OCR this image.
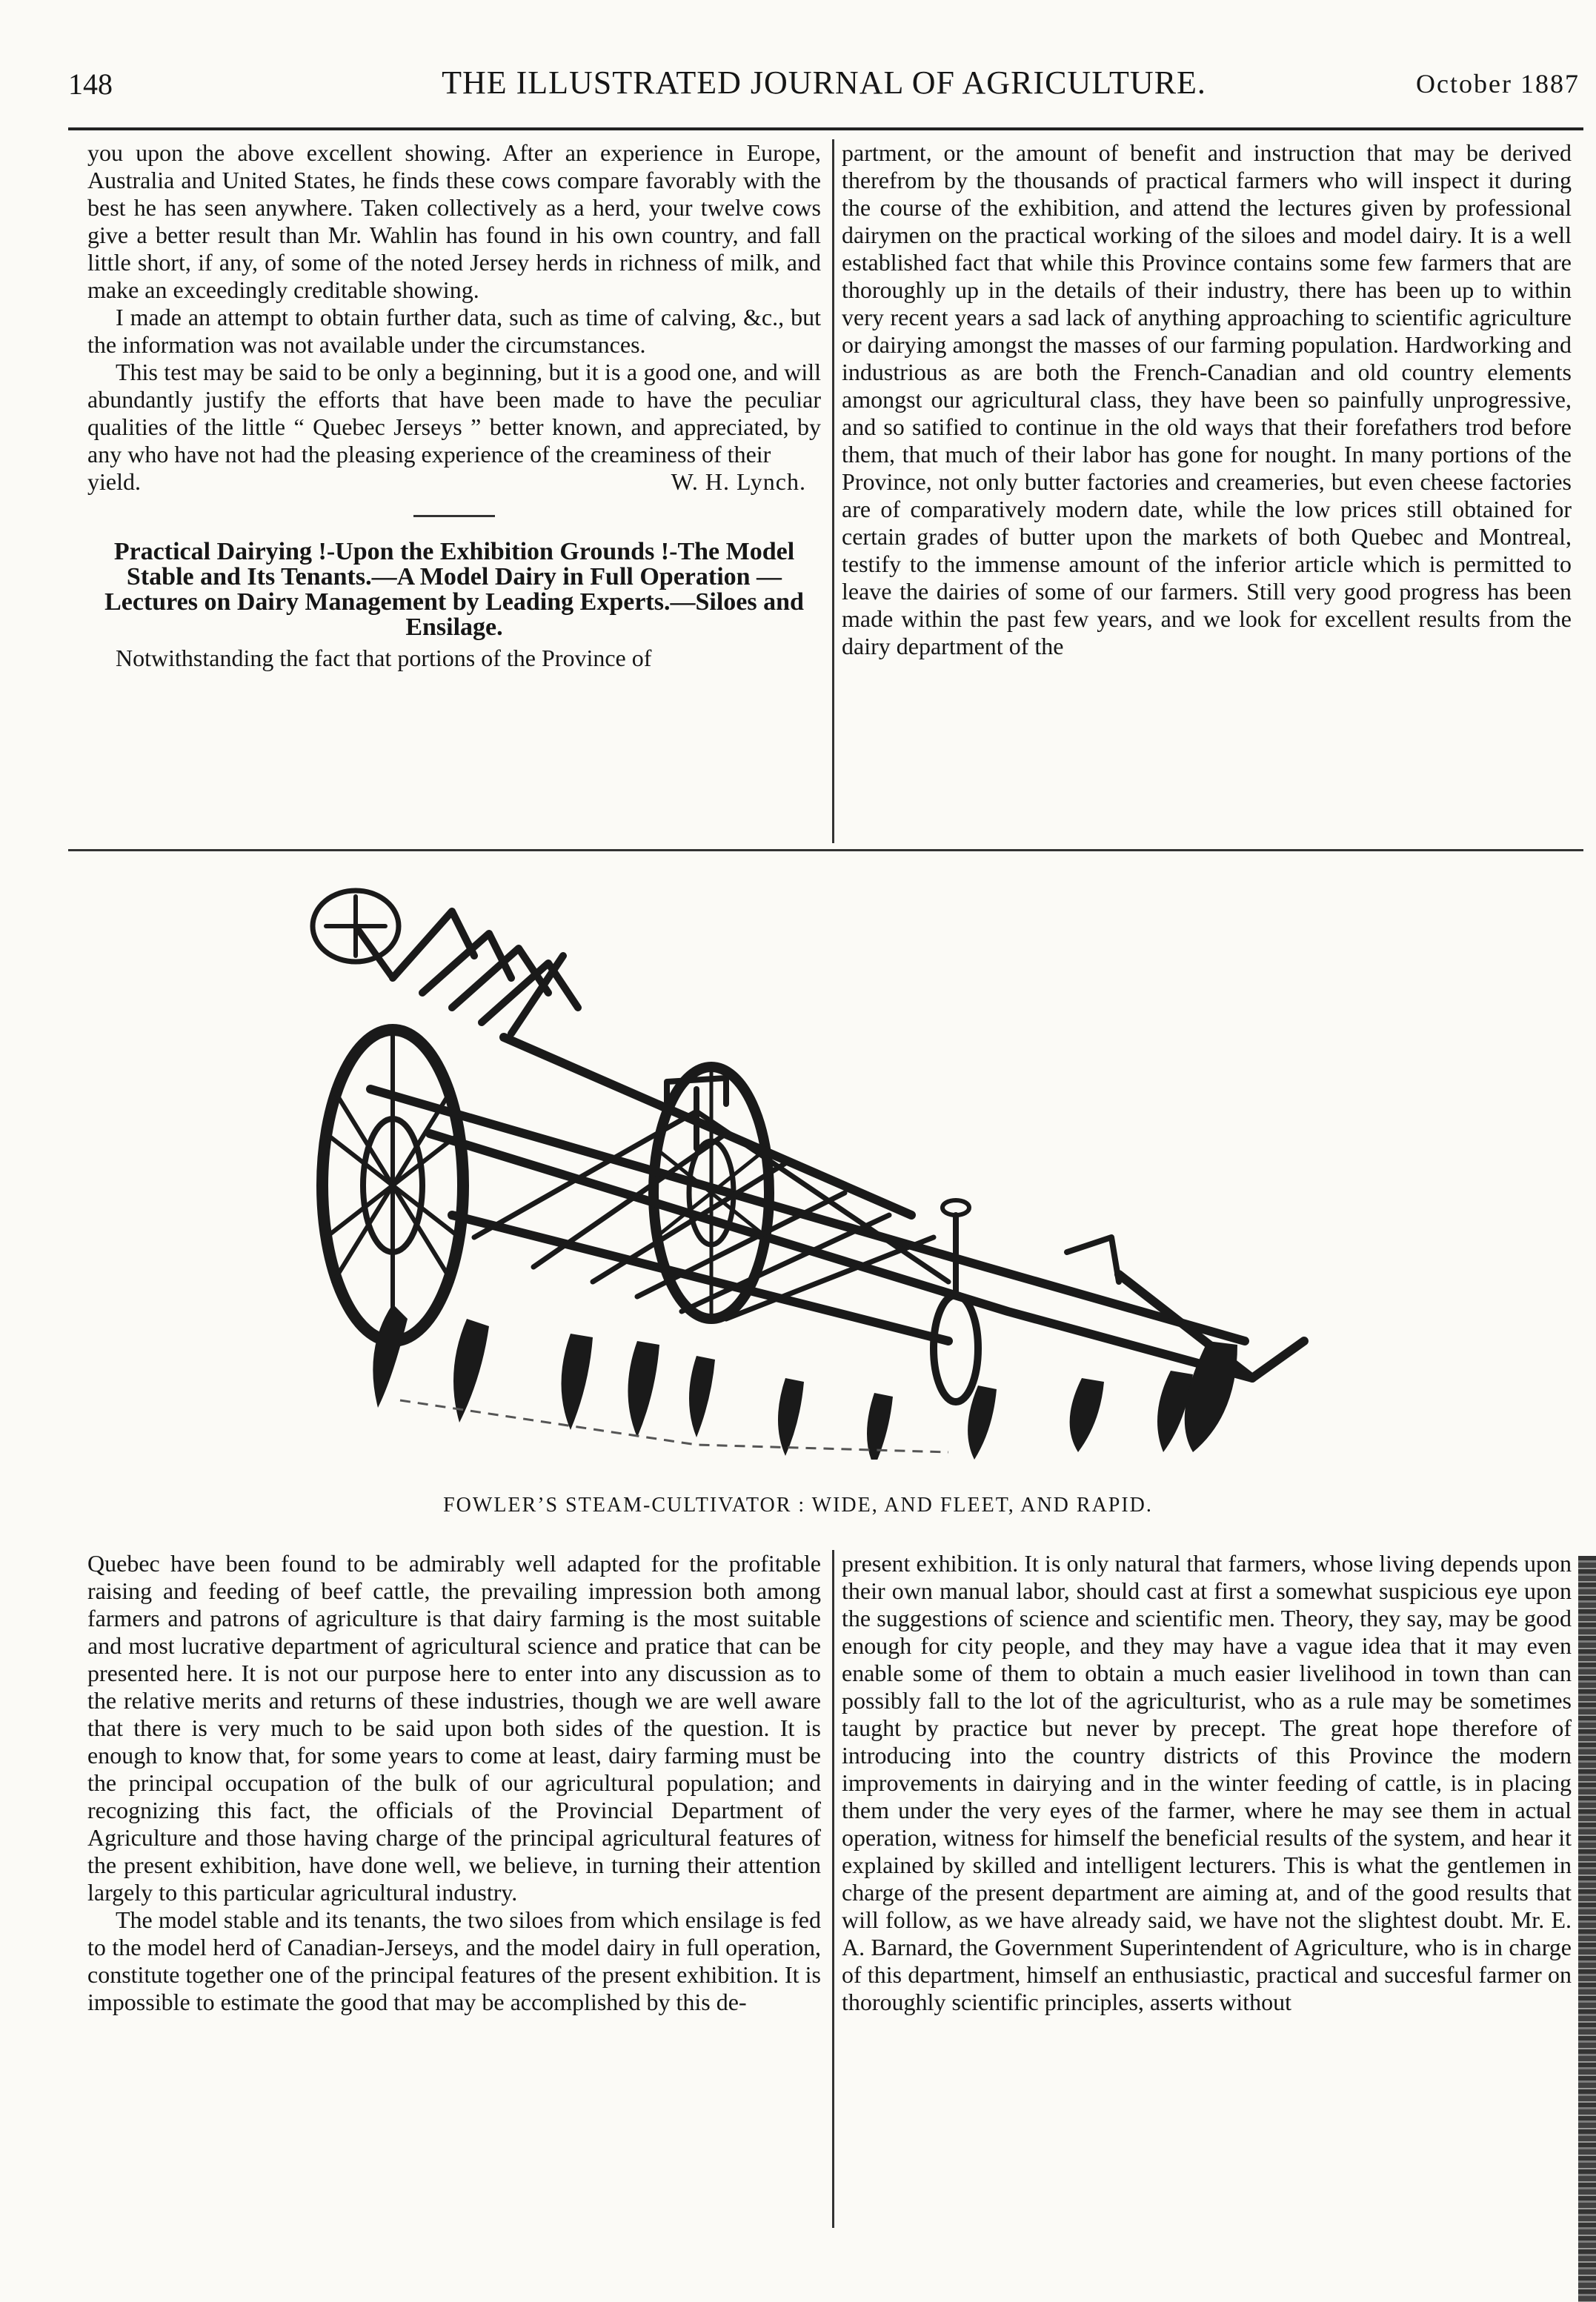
148	THE ILLUSTRATED JOURNAL OF AGRICULTURE.	October 1887

you upon the above excellent showing. After an experience in Europe, Australia and United States, he finds these cows compare favorably with the best he has seen anywhere. Taken collectively as a herd, your twelve cows give a better result than Mr. Wahlin has found in his own country, and fall little short, if any, of some of the noted Jersey herds in richness of milk, and make an exceedingly creditable showing.

I made an attempt to obtain further data, such as time of calving, &c., but the information was not available under the circumstances.

This test may be said to be only a beginning, but it is a good one, and will abundantly justify the efforts that have been made to have the peculiar qualities of the little “ Quebec Jerseys ” better known, and appreciated, by any who have not had the pleasing experience of the creaminess of their

yield.	W. H. Lynch.

Practical Dairying !-Upon the Exhibition Grounds !-The Model Stable and Its Tenants.—A Model Dairy in Full Operation —Lectures on Dairy Management by Leading Experts.—Siloes and Ensilage.

Notwithstanding the fact that portions of the Province of

partment, or the amount of benefit and instruction that may be derived therefrom by the thousands of practical farmers who will inspect it during the course of the exhibition, and attend the lectures given by professional dairymen on the practical working of the siloes and model dairy. It is a well established fact that while this Province contains some few farmers that are thoroughly up in the details of their industry, there has been up to within very recent years a sad lack of anything approaching to scientific agriculture or dairying amongst the masses of our farming population. Hardworking and industrious as are both the French-Canadian and old country elements amongst our agricultural class, they have been so painfully unprogressive, and so satified to continue in the old ways that their forefathers trod before them, that much of their labor has gone for nought. In many portions of the Province, not only butter factories and creameries, but even cheese factories are of comparatively modern date, while the low prices still obtained for certain grades of butter upon the markets of both Quebec and Montreal, testify to the immense amount of the inferior article which is permitted to leave the dairies of some of our farmers. Still very good progress has been made within the past few years, and we look for excellent results from the dairy department of the

FOWLER’S STEAM-CULTIVATOR : WIDE, AND FLEET, AND RAPID.

Quebec have been found to be admirably well adapted for the profitable raising and feeding of beef cattle, the prevailing impression both among farmers and patrons of agriculture is that dairy farming is the most suitable and most lucrative department of agricultural science and pratice that can be presented here. It is not our purpose here to enter into any discussion as to the relative merits and returns of these industries, though we are well aware that there is very much to be said upon both sides of the question. It is enough to know that, for some years to come at least, dairy farming must be the principal occupation of the bulk of our agricultural population; and recognizing this fact, the officials of the Provincial Department of Agriculture and those having charge of the principal agricultural features of the present exhibition, have done well, we believe, in turning their attention largely to this particular agricultural industry.

The model stable and its tenants, the two siloes from which ensilage is fed to the model herd of Canadian-Jerseys, and the model dairy in full operation, constitute together one of the principal features of the present exhibition. It is impossible to estimate the good that may be accomplished by this de-

present exhibition. It is only natural that farmers, whose living depends upon their own manual labor, should cast at first a somewhat suspicious eye upon the suggestions of science and scientific men. Theory, they say, may be good enough for city people, and they may have a vague idea that it may even enable some of them to obtain a much easier livelihood in town than can possibly fall to the lot of the agriculturist, who as a rule may be sometimes taught by practice but never by precept. The great hope therefore of introducing into the country districts of this Province the modern improvements in dairying and in the winter feeding of cattle, is in placing them under the very eyes of the farmer, where he may see them in actual operation, witness for himself the beneficial results of the system, and hear it explained by skilled and intelligent lecturers. This is what the gentlemen in charge of the present department are aiming at, and of the good results that will follow, as we have already said, we have not the slightest doubt. Mr. E. A. Barnard, the Government Superintendent of Agriculture, who is in charge of this department, himself an enthusiastic, practical and succesful farmer on thoroughly scientific principles, asserts without
